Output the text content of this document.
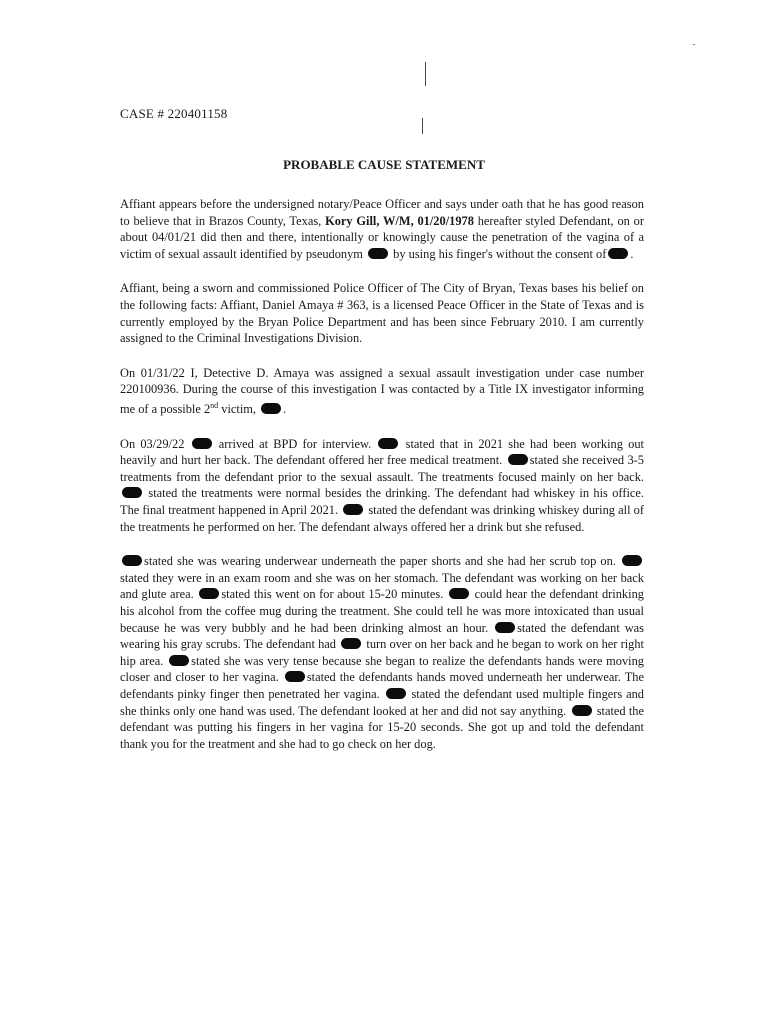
CASE # 220401158
PROBABLE CAUSE STATEMENT

Affiant appears before the undersigned notary/Peace Officer and says under oath that he has good reason to believe that in Brazos County, Texas, Kory Gill, W/M, 01/20/1978 hereafter styled Defendant, on or about 04/01/21 did then and there, intentionally or knowingly cause the penetration of the vagina of a victim of sexual assault identified by pseudonym by using his finger's without the consent of .

Affiant, being a sworn and commissioned Police Officer of The City of Bryan, Texas bases his belief on the following facts: Affiant, Daniel Amaya # 363, is a licensed Peace Officer in the State of Texas and is currently employed by the Bryan Police Department and has been since February 2010. I am currently assigned to the Criminal Investigations Division.

On 01/31/22 I, Detective D. Amaya was assigned a sexual assault investigation under case number 220100936. During the course of this investigation I was contacted by a Title IX investigator informing me of a possible 2nd victim, .

On 03/29/22	arrived at BPD for interview.	stated that in 2021 she had been working out heavily and hurt her back. The defendant offered her free medical treatment. stated she received 3-5 treatments from the defendant prior to the sexual assault. The treatments focused mainly on her back.  stated the treatments were normal besides the drinking. The defendant had whiskey in his office. The final treatment happened in April 2021. stated the defendant was drinking whiskey during all of the treatments he performed on her. The defendant always offered her a drink but she refused.

stated she was wearing underwear underneath the paper shorts and she had her scrub top on.  stated they were in an exam room and she was on her stomach. The defendant was working on her back and glute area. stated this went on for about 15-20 minutes.	could hear the defendant drinking his alcohol from the coffee mug during the treatment. She could tell he was more intoxicated than usual because he was very bubbly and he had been drinking almost an hour. stated the defendant was wearing his gray scrubs. The defendant had turn over on her back and he began to work on her right hip area. stated she was very tense because she began to realize the defendants hands were moving closer and closer to her vagina. stated the defendants hands moved underneath her underwear. The defendants pinky finger then penetrated her vagina.	stated the defendant used multiple fingers and she thinks only one hand was used. The defendant looked at her and did not say anything. stated the defendant was putting his fingers in her vagina for 15-20 seconds. She got up and told the defendant thank you for the treatment and she had to go check on her dog.
